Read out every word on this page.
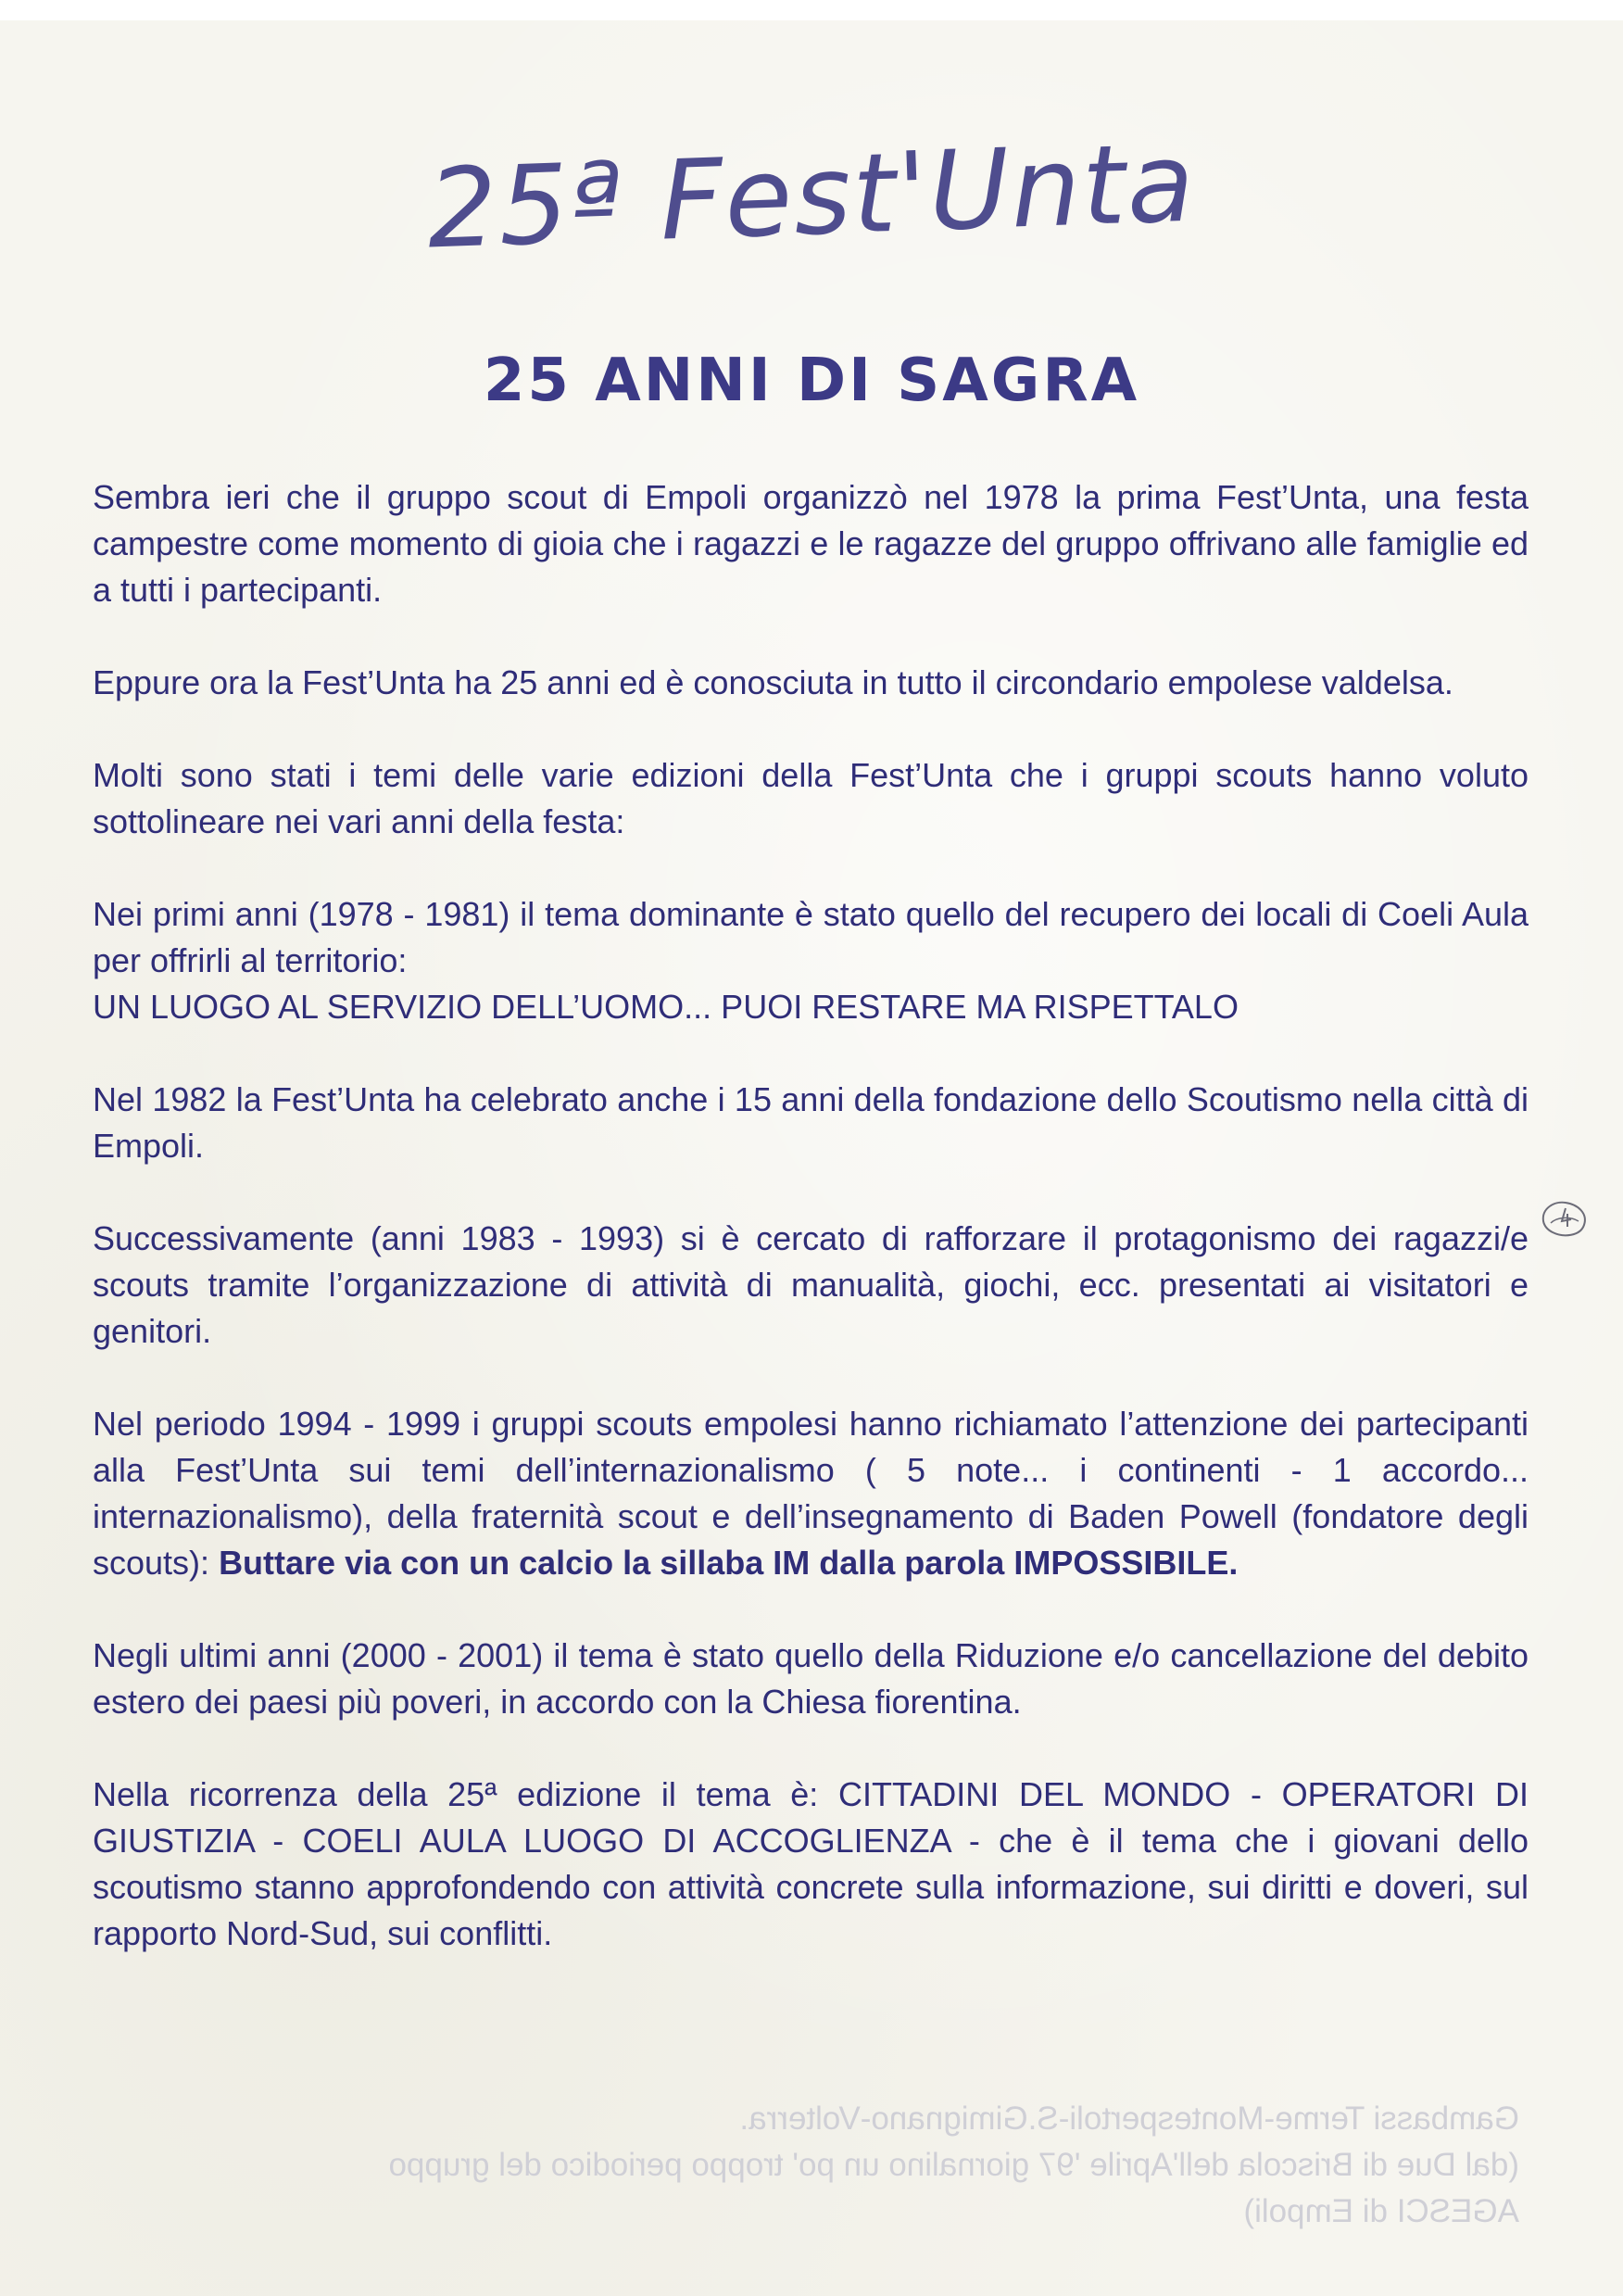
25ª Fest'Unta
25 ANNI DI SAGRA

Sembra ieri che il gruppo scout di Empoli organizzò nel 1978 la prima Fest’Unta, una festa campestre come momento di gioia che i ragazzi e le ragazze del gruppo offrivano alle famiglie ed a tutti i partecipanti.

Eppure ora la Fest’Unta ha 25 anni ed è conosciuta in tutto il circondario empolese valdelsa.

Molti sono stati i temi delle varie edizioni della Fest’Unta che i gruppi scouts hanno voluto sottolineare nei vari anni della festa:

Nei primi anni (1978 - 1981) il tema dominante è stato quello del recupero dei locali di Coeli Aula per offrirli al territorio:
UN LUOGO AL SERVIZIO DELL’UOMO... PUOI RESTARE MA RISPETTALO

Nel 1982 la Fest’Unta ha celebrato anche i 15 anni della fondazione dello Scoutismo nella città di Empoli.

Successivamente (anni 1983 - 1993) si è cercato di rafforzare il protagonismo dei ragazzi/e scouts tramite l’organizzazione di attività di manualità, giochi, ecc. presentati ai visitatori e genitori.

Nel periodo 1994 - 1999 i gruppi scouts empolesi hanno richiamato l’attenzione dei partecipanti alla Fest’Unta sui temi dell’internazionalismo ( 5 note... i continenti - 1 accordo... internazionalismo), della fraternità scout e dell’insegnamento di Baden Powell (fondatore degli scouts): Buttare via con un calcio la sillaba IM dalla parola IMPOSSIBILE.

Negli ultimi anni (2000 - 2001) il tema è stato quello della Riduzione e/o cancellazione del debito estero dei paesi più poveri, in accordo con la Chiesa fiorentina.

Nella ricorrenza della 25ª edizione il tema è: CITTADINI DEL MONDO - OPERATORI DI GIUSTIZIA - COELI AULA LUOGO DI ACCOGLIENZA - che è il tema che i giovani dello scoutismo stanno approfondendo con attività concrete sulla informazione, sui diritti e doveri, sul rapporto Nord-Sud, sui conflitti.

Gambassi Terme-Montespertoli-S.Gimignano-Volterra.
(dal Due di Briscola dell'Aprile '97 giornalino un po' troppo periodico del gruppo
AGESCI di Empoli)
